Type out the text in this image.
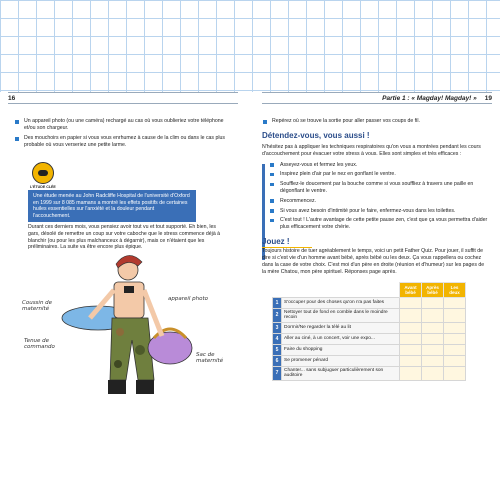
16	Partie 1 : « Magday! Magday! » 19
Un appareil photo (ou une caméra) rechargé au cas où vous oublieriez votre téléphone et/ou son chargeur.
Des mouchoirs en papier si vous vous enrhumez à cause de la clim ou dans le cas plus probable où vous verseriez une petite larme.
L'ÉTUDE CLÉE
Une étude menée au John Radcliffe Hospital de l'université d'Oxford en 1999 sur 8 085 mamans a montré les effets positifs de certaines huiles essentielles sur l'anxiété et la douleur pendant l'accouchement.
Durant ces derniers mois, vous pensiez avoir tout vu et tout supporté. Eh bien, les gars, désolé de remettre un coup sur votre caboche que le stress commence déjà à blanchir (ou pour les plus malchanceux à dégarnir), mais ce n'étaient que les préliminaires. La suite va être encore plus épique.
Coussin de maternité
appareil photo
Tenue de commando
Sac de maternité
Repérez où se trouve la sortie pour aller passer vos coups de fil.
Détendez-vous, vous aussi !
N'hésitez pas à appliquer les techniques respiratoires qu'on vous a montrées pendant les cours d'accouchement pour évacuer votre stress à vous. Elles sont simples et très efficaces :
Asseyez-vous et fermez les yeux.
Inspirez plein d'air par le nez en gonflant le ventre.
Soufflez-le doucement par la bouche comme si vous souffliez à travers une paille en dégonflant le ventre.
Recommencez.
Si vous avez besoin d'intimité pour le faire, enfermez-vous dans les toilettes.
C'est tout ! L'autre avantage de cette petite pause zen, c'est que ça vous permettra d'aider plus efficacement votre chérie.
Jouez !
Toujours histoire de tuer agréablement le temps, voici un petit Father Quiz. Pour jouer, il suffit de dire si c'est vie d'un homme avant bébé, après bébé ou les deux. Ça vous rappellera ou cochez dans la case de votre choix. C'est moi d'un père en droite (réunion et d'humeur) sur les pages de la mère Chatou, mon père spirituel. Réponses page après.
		Avant bébé	Après bébé	Les deux
1	S'occuper pour des choses qu'on n'a pas faites			
2	Nettoyer tout de fond en comble dans le moindre recoin			
3	Dormir/Ne regarder la télé au lit			
4	Aller au ciné, à un concert, voir une expo...			
5	Faire du shopping			
6	Se promener pénard			
7	Chanter... sans subjuguer particulièrement son auditoire			
